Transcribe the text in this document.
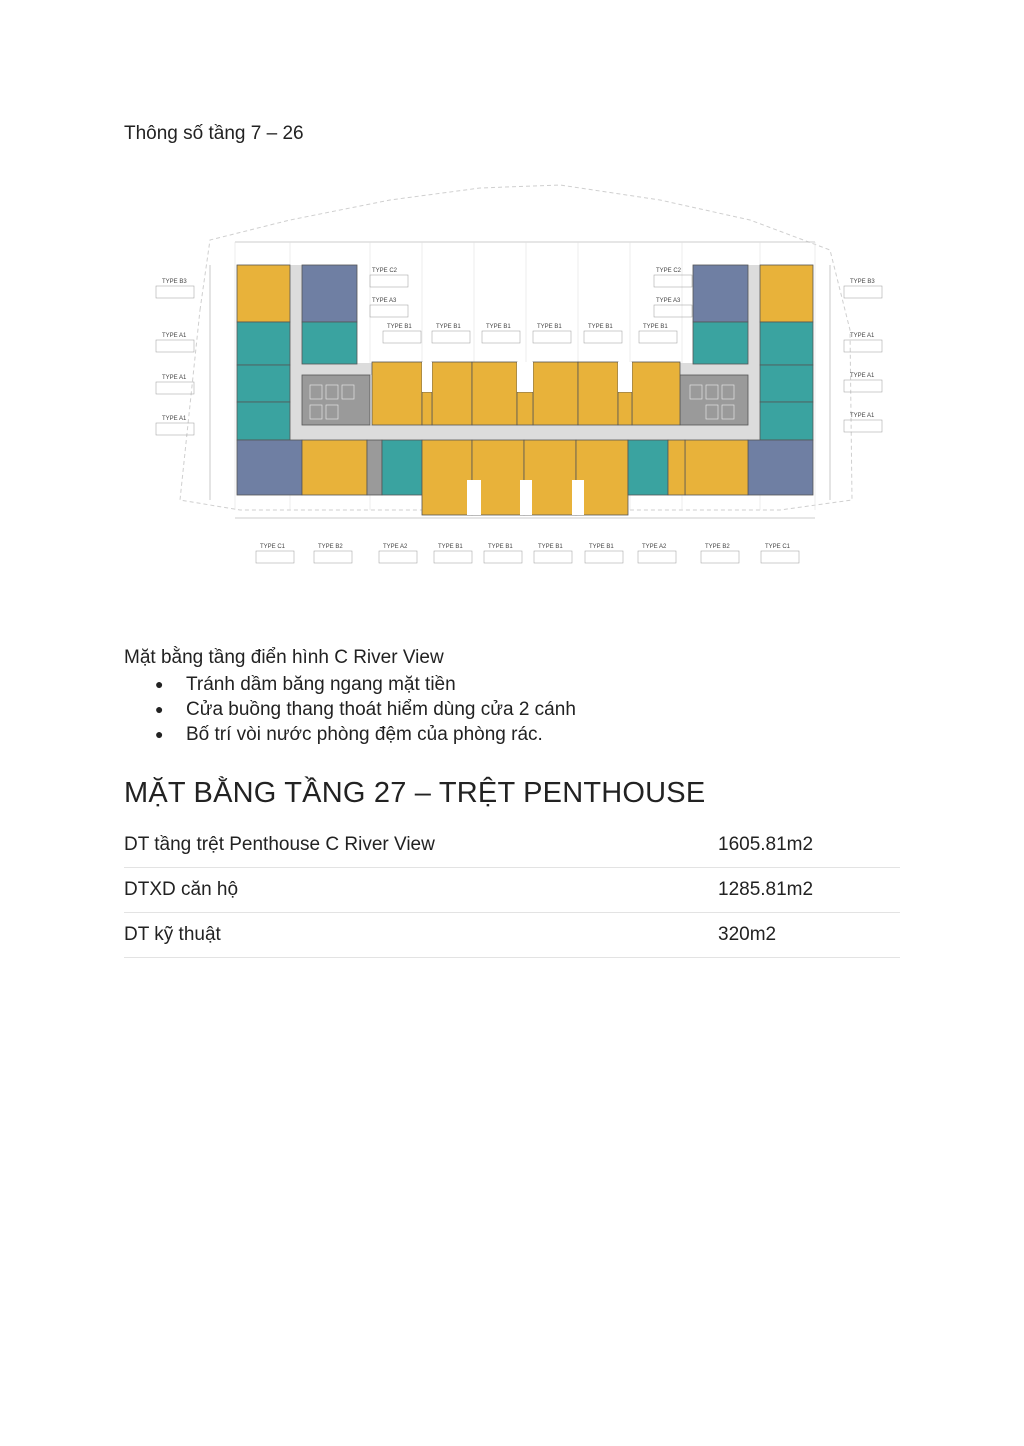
Thông số tầng 7 – 26
TYPE C2
TYPE A3
TYPE B1	TYPE B1	TYPE B1	TYPE B1	TYPE B1	TYPE B1
TYPE C2
TYPE A3
TYPE B3
TYPE A1
TYPE A1
TYPE A1
TYPE B3
TYPE A1
TYPE A1
TYPE A1
TYPE C1	TYPE B2	TYPE A2	TYPE B1	TYPE B1	TYPE B1	TYPE B1	TYPE A2	TYPE B2	TYPE C1
Mặt bằng tầng điển hình C River View
● Tránh dầm băng ngang mặt tiền
● Cửa buồng thang thoát hiểm dùng cửa 2 cánh
● Bố trí vòi nước phòng đệm của phòng rác.
MẶT BẰNG TẦNG 27 – TRỆT PENTHOUSE
DT tầng trệt Penthouse C River View	1605.81m2
DTXD căn hộ	1285.81m2
DT kỹ thuật	320m2
